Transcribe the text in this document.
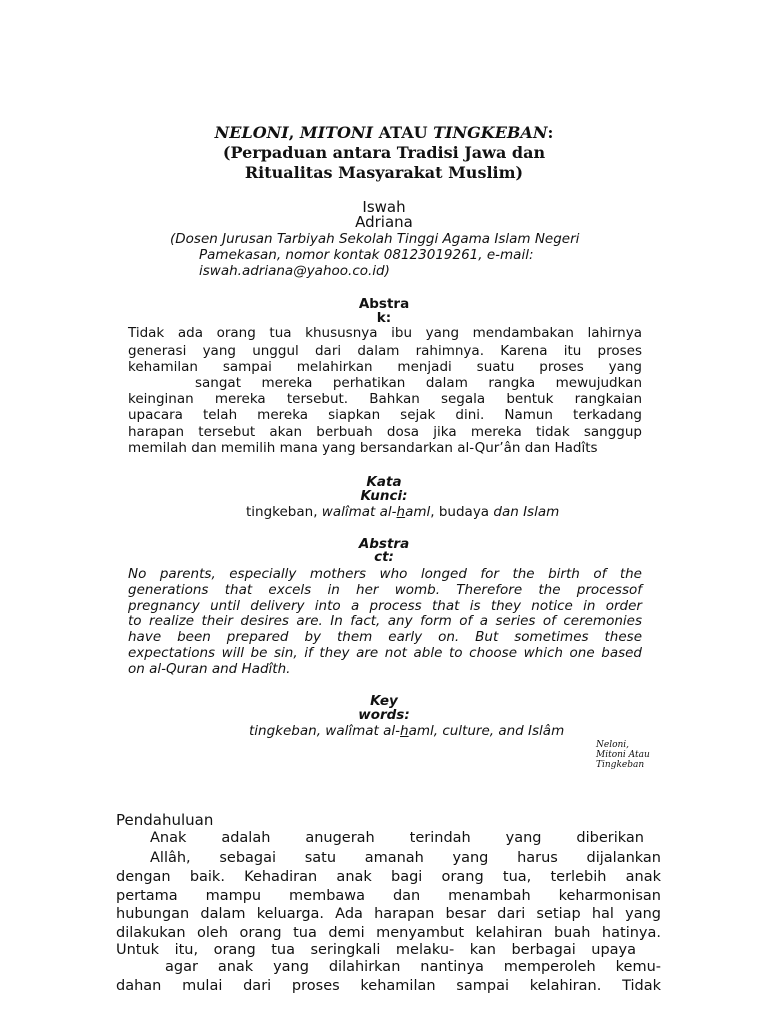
NELONI, MITONI ATAU TINGKEBAN:
(Perpaduan antara Tradisi Jawa dan
Ritualitas Masyarakat Muslim)
Iswah
Adriana
(Dosen Jurusan Tarbiyah Sekolah Tinggi Agama Islam Negeri
Pamekasan, nomor kontak 08123019261, e-mail:
iswah.adriana@yahoo.co.id)
Abstra
k:
Tidak ada orang tua khususnya ibu yang mendambakan lahirnya
generasi yang unggul dari dalam rahimnya. Karena itu proses
kehamilan sampai melahirkan menjadi suatu proses yang
sangat mereka perhatikan dalam rangka mewujudkan
keinginan mereka tersebut. Bahkan segala bentuk rangkaian
upacara telah mereka siapkan sejak dini. Namun terkadang
harapan tersebut akan berbuah dosa jika mereka tidak sanggup
memilah dan memilih mana yang bersandarkan al-Qur’ân dan Hadîts
Kata
Kunci:
tingkeban, walîmat al-haml, budaya dan Islam
Abstra
ct:
No parents, especially mothers who longed for the birth of the
generations that excels in her womb. Therefore the processof
pregnancy until delivery into a process that is they notice in order
to realize their desires are. In fact, any form of a series of ceremonies
have been prepared by them early on. But sometimes these
expectations will be sin, if they are not able to choose which one based
on al-Quran and Hadîth.
Key
words:
tingkeban, walîmat al-haml, culture, and Islâm
Neloni,
Mitoni Atau
Tingkeban
Pendahuluan
Anak adalah anugerah terindah yang diberikan
Allâh, sebagai satu amanah yang harus dijalankan
dengan baik. Kehadiran anak bagi orang tua, terlebih anak
pertama mampu membawa dan menambah keharmonisan
hubungan dalam keluarga. Ada harapan besar dari setiap hal yang
dilakukan oleh orang tua demi menyambut kelahiran buah hatinya.
Untuk itu, orang tua seringkali melaku- kan berbagai upaya
agar anak yang dilahirkan nantinya memperoleh kemu-
dahan mulai dari proses kehamilan sampai kelahiran. Tidak
